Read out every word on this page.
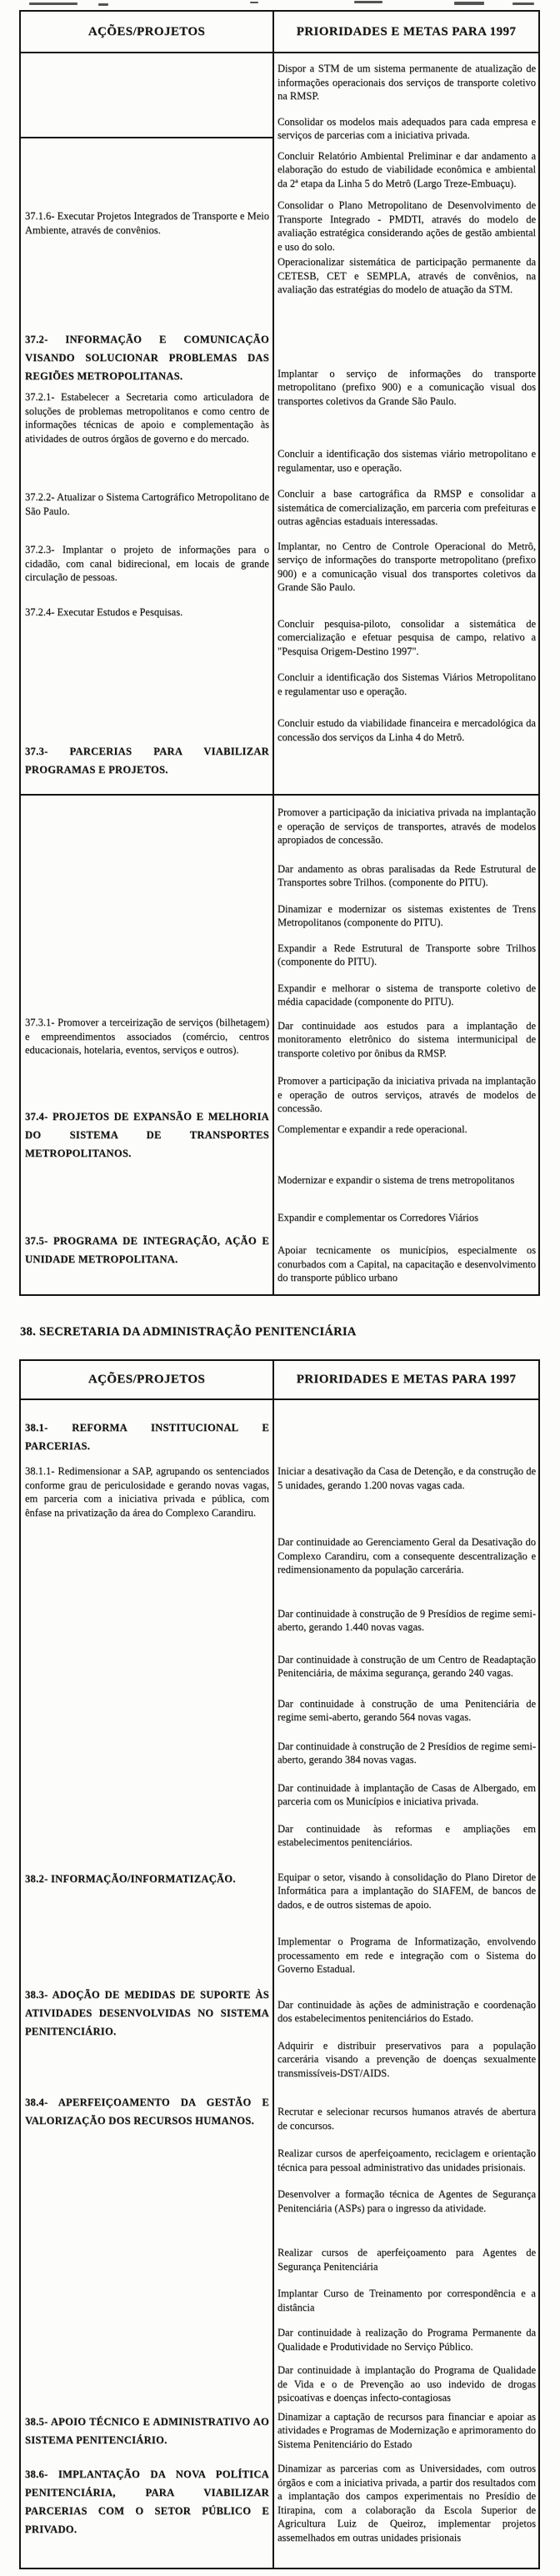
AÇÕES/PROJETOS	PRIORIDADES E METAS PARA 1997

37.1.6- Executar Projetos Integrados de Transporte e Meio Ambiente, através de convênios.

37.2- INFORMAÇÃO E COMUNICAÇÃO VISANDO SOLUCIONAR PROBLEMAS DAS REGIÕES METROPOLITANAS.

37.2.1- Estabelecer a Secretaria como articuladora de soluções de problemas metropolitanos e como centro de informações técnicas de apoio e complementação às atividades de outros órgãos de governo e do mercado.

37.2.2- Atualizar o Sistema Cartográfico Metropolitano de São Paulo.

37.2.3- Implantar o projeto de informações para o cidadão, com canal bidirecional, em locais de grande circulação de pessoas.

37.2.4- Executar Estudos e Pesquisas.

37.3- PARCERIAS PARA VIABILIZAR PROGRAMAS E PROJETOS.

Dispor a STM de um sistema permanente de atualização de informações operacionais dos serviços de transporte coletivo na RMSP.

Consolidar os modelos mais adequados para cada empresa e serviços de parcerias com a iniciativa privada.

Concluir Relatório Ambiental Preliminar e dar andamento a elaboração do estudo de viabilidade econômica e ambiental da 2ª etapa da Linha 5 do Metrô (Largo Treze-Embuaçu).

Consolidar o Plano Metropolitano de Desenvolvimento de Transporte Integrado - PMDTI, através do modelo de avaliação estratégica considerando ações de gestão ambiental e uso do solo.

Operacionalizar sistemática de participação permanente da CETESB, CET e SEMPLA, através de convênios, na avaliação das estratégias do modelo de atuação da STM.

Implantar o serviço de informações do transporte metropolitano (prefixo 900) e a comunicação visual dos transportes coletivos da Grande São Paulo.

Concluir a identificação dos sistemas viário metropolitano e regulamentar, uso e operação.

Concluir a base cartográfica da RMSP e consolidar a sistemática de comercialização, em parceria com prefeituras e outras agências estaduais interessadas.

Implantar, no Centro de Controle Operacional do Metrô, serviço de informações do transporte metropolitano (prefixo 900) e a comunicação visual dos transportes coletivos da Grande São Paulo.

Concluir pesquisa-piloto, consolidar a sistemática de comercialização e efetuar pesquisa de campo, relativo a "Pesquisa Origem-Destino 1997".

Concluir a identificação dos Sistemas Viários Metropolitano e regulamentar uso e operação.

Concluir estudo da viabilidade financeira e mercadológica da concessão dos serviços da Linha 4 do Metrô.

37.3.1- Promover a terceirização de serviços (bilhetagem) e empreendimentos associados (comércio, centros educacionais, hotelaria, eventos, serviços e outros).

37.4- PROJETOS DE EXPANSÃO E MELHORIA DO SISTEMA DE TRANSPORTES METROPOLITANOS.

37.5- PROGRAMA DE INTEGRAÇÃO, AÇÃO E UNIDADE METROPOLITANA.

Promover a participação da iniciativa privada na implantação e operação de serviços de transportes, através de modelos apropiados de concessão.

Dar andamento as obras paralisadas da Rede Estrutural de Transportes sobre Trilhos. (componente do PITU).

Dinamizar e modernizar os sistemas existentes de Trens Metropolitanos (componente do PITU).

Expandir a Rede Estrutural de Transporte sobre Trilhos (componente do PITU).

Expandir e melhorar o sistema de transporte coletivo de média capacidade (componente do PITU).

Dar continuidade aos estudos para a implantação de monitoramento eletrônico do sistema intermunicipal de transporte coletivo por ônibus da RMSP.

Promover a participação da iniciativa privada na implantação e operação de outros serviços, através de modelos de concessão.

Complementar e expandir a rede operacional.

Modernizar e expandir o sistema de trens metropolitanos

Expandir e complementar os Corredores Viários

Apoiar tecnicamente os municípios, especialmente os conurbados com a Capital, na capacitação e desenvolvimento do transporte público urbano

38. SECRETARIA DA ADMINISTRAÇÃO PENITENCIÁRIA
AÇÕES/PROJETOS	PRIORIDADES E METAS PARA 1997

38.1- REFORMA INSTITUCIONAL E PARCERIAS.

38.1.1- Redimensionar a SAP, agrupando os sentenciados conforme grau de periculosidade e gerando novas vagas, em parceria com a iniciativa privada e pública, com ênfase na privatização da área do Complexo Carandiru.

38.2- INFORMAÇÃO/INFORMATIZAÇÃO.

38.3- ADOÇÃO DE MEDIDAS DE SUPORTE ÀS ATIVIDADES DESENVOLVIDAS NO SISTEMA PENITENCIÁRIO.

38.4- APERFEIÇOAMENTO DA GESTÃO E VALORIZAÇÃO DOS RECURSOS HUMANOS.

38.5- APOIO TÉCNICO E ADMINISTRATIVO AO SISTEMA PENITENCIÁRIO.

38.6- IMPLANTAÇÃO DA NOVA POLÍTICA PENITENCIÁRIA, PARA VIABILIZAR PARCERIAS COM O SETOR PÚBLICO E PRIVADO.

Iniciar a desativação da Casa de Detenção, e da construção de 5 unidades, gerando 1.200 novas vagas cada.

Dar continuidade ao Gerenciamento Geral da Desativação do Complexo Carandiru, com a consequente descentralização e redimensionamento da população carcerária.

Dar continuidade à construção de 9 Presídios de regime semi-aberto, gerando 1.440 novas vagas.

Dar continuidade à construção de um Centro de Readaptação Penitenciária, de máxima segurança, gerando 240 vagas.

Dar continuidade à construção de uma Penitenciária de regime semi-aberto, gerando 564 novas vagas.

Dar continuidade à construção de 2 Presídios de regime semi-aberto, gerando 384 novas vagas.

Dar continuidade à implantação de Casas de Albergado, em parceria com os Municípios e iniciativa privada.

Dar continuidade às reformas e ampliações em estabelecimentos penitenciários.

Equipar o setor, visando à consolidação do Plano Diretor de Informática para a implantação do SIAFEM, de bancos de dados, e de outros sistemas de apoio.

Implementar o Programa de Informatização, envolvendo processamento em rede e integração com o Sistema do Governo Estadual.

Dar continuidade às ações de administração e coordenação dos estabelecimentos penitenciários do Estado.

Adquirir e distribuir preservativos para a população carcerária visando a prevenção de doenças sexualmente transmissíveis-DST/AIDS.

Recrutar e selecionar recursos humanos através de abertura de concursos.

Realizar cursos de aperfeiçoamento, reciclagem e orientação técnica para pessoal administrativo das unidades prisionais.

Desenvolver a formação técnica de Agentes de Segurança Penitenciária (ASPs) para o ingresso da atividade.

Realizar cursos de aperfeiçoamento para Agentes de Segurança Penitenciária

Implantar Curso de Treinamento por correspondência e a distância

Dar continuidade à realização do Programa Permanente da Qualidade e Produtividade no Serviço Público.

Dar continuidade à implantação do Programa de Qualidade de Vida e o de Prevenção ao uso indevido de drogas psicoativas e doenças infecto-contagiosas

Dinamizar a captação de recursos para financiar e apoiar as atividades e Programas de Modernização e aprimoramento do Sistema Penitenciário do Estado

Dinamizar as parcerias com as Universidades, com outros órgãos e com a iniciativa privada, a partir dos resultados com a implantação dos campos experimentais no Presídio de Itirapina, com a colaboração da Escola Superior de Agricultura Luiz de Queiroz, implementar projetos assemelhados em outras unidades prisionais
